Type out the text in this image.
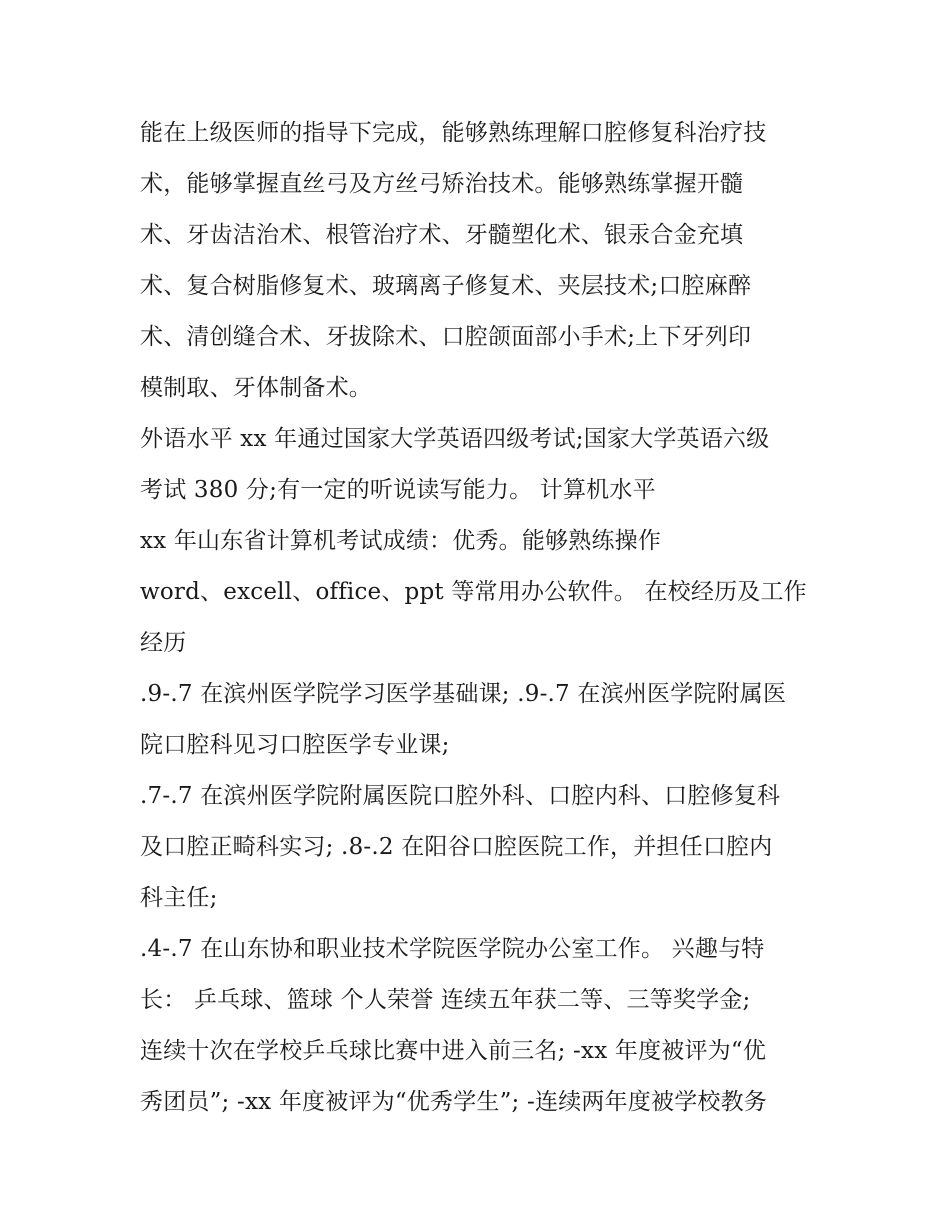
能在上级医师的指导下完成，能够熟练理解口腔修复科治疗技
术，能够掌握直丝弓及方丝弓矫治技术。能够熟练掌握开髓
术、牙齿洁治术、根管治疗术、牙髓塑化术、银汞合金充填
术、复合树脂修复术、玻璃离子修复术、夹层技术;口腔麻醉
术、清创缝合术、牙拔除术、口腔颌面部小手术;上下牙列印
模制取、牙体制备术。
外语水平 xx 年通过国家大学英语四级考试;国家大学英语六级
考试 380 分;有一定的听说读写能力。 计算机水平
xx 年山东省计算机考试成绩：优秀。能够熟练操作
word、excell、office、ppt 等常用办公软件。 在校经历及工作
经历
.9-.7 在滨州医学院学习医学基础课; .9-.7 在滨州医学院附属医
院口腔科见习口腔医学专业课;
.7-.7 在滨州医学院附属医院口腔外科、口腔内科、口腔修复科
及口腔正畸科实习; .8-.2 在阳谷口腔医院工作，并担任口腔内
科主任;
.4-.7 在山东协和职业技术学院医学院办公室工作。 兴趣与特
长： 乒乓球、篮球 个人荣誉 连续五年获二等、三等奖学金;
连续十次在学校乒乓球比赛中进入前三名; -xx 年度被评为“优
秀团员”; -xx 年度被评为“优秀学生”; -连续两年度被学校教务
